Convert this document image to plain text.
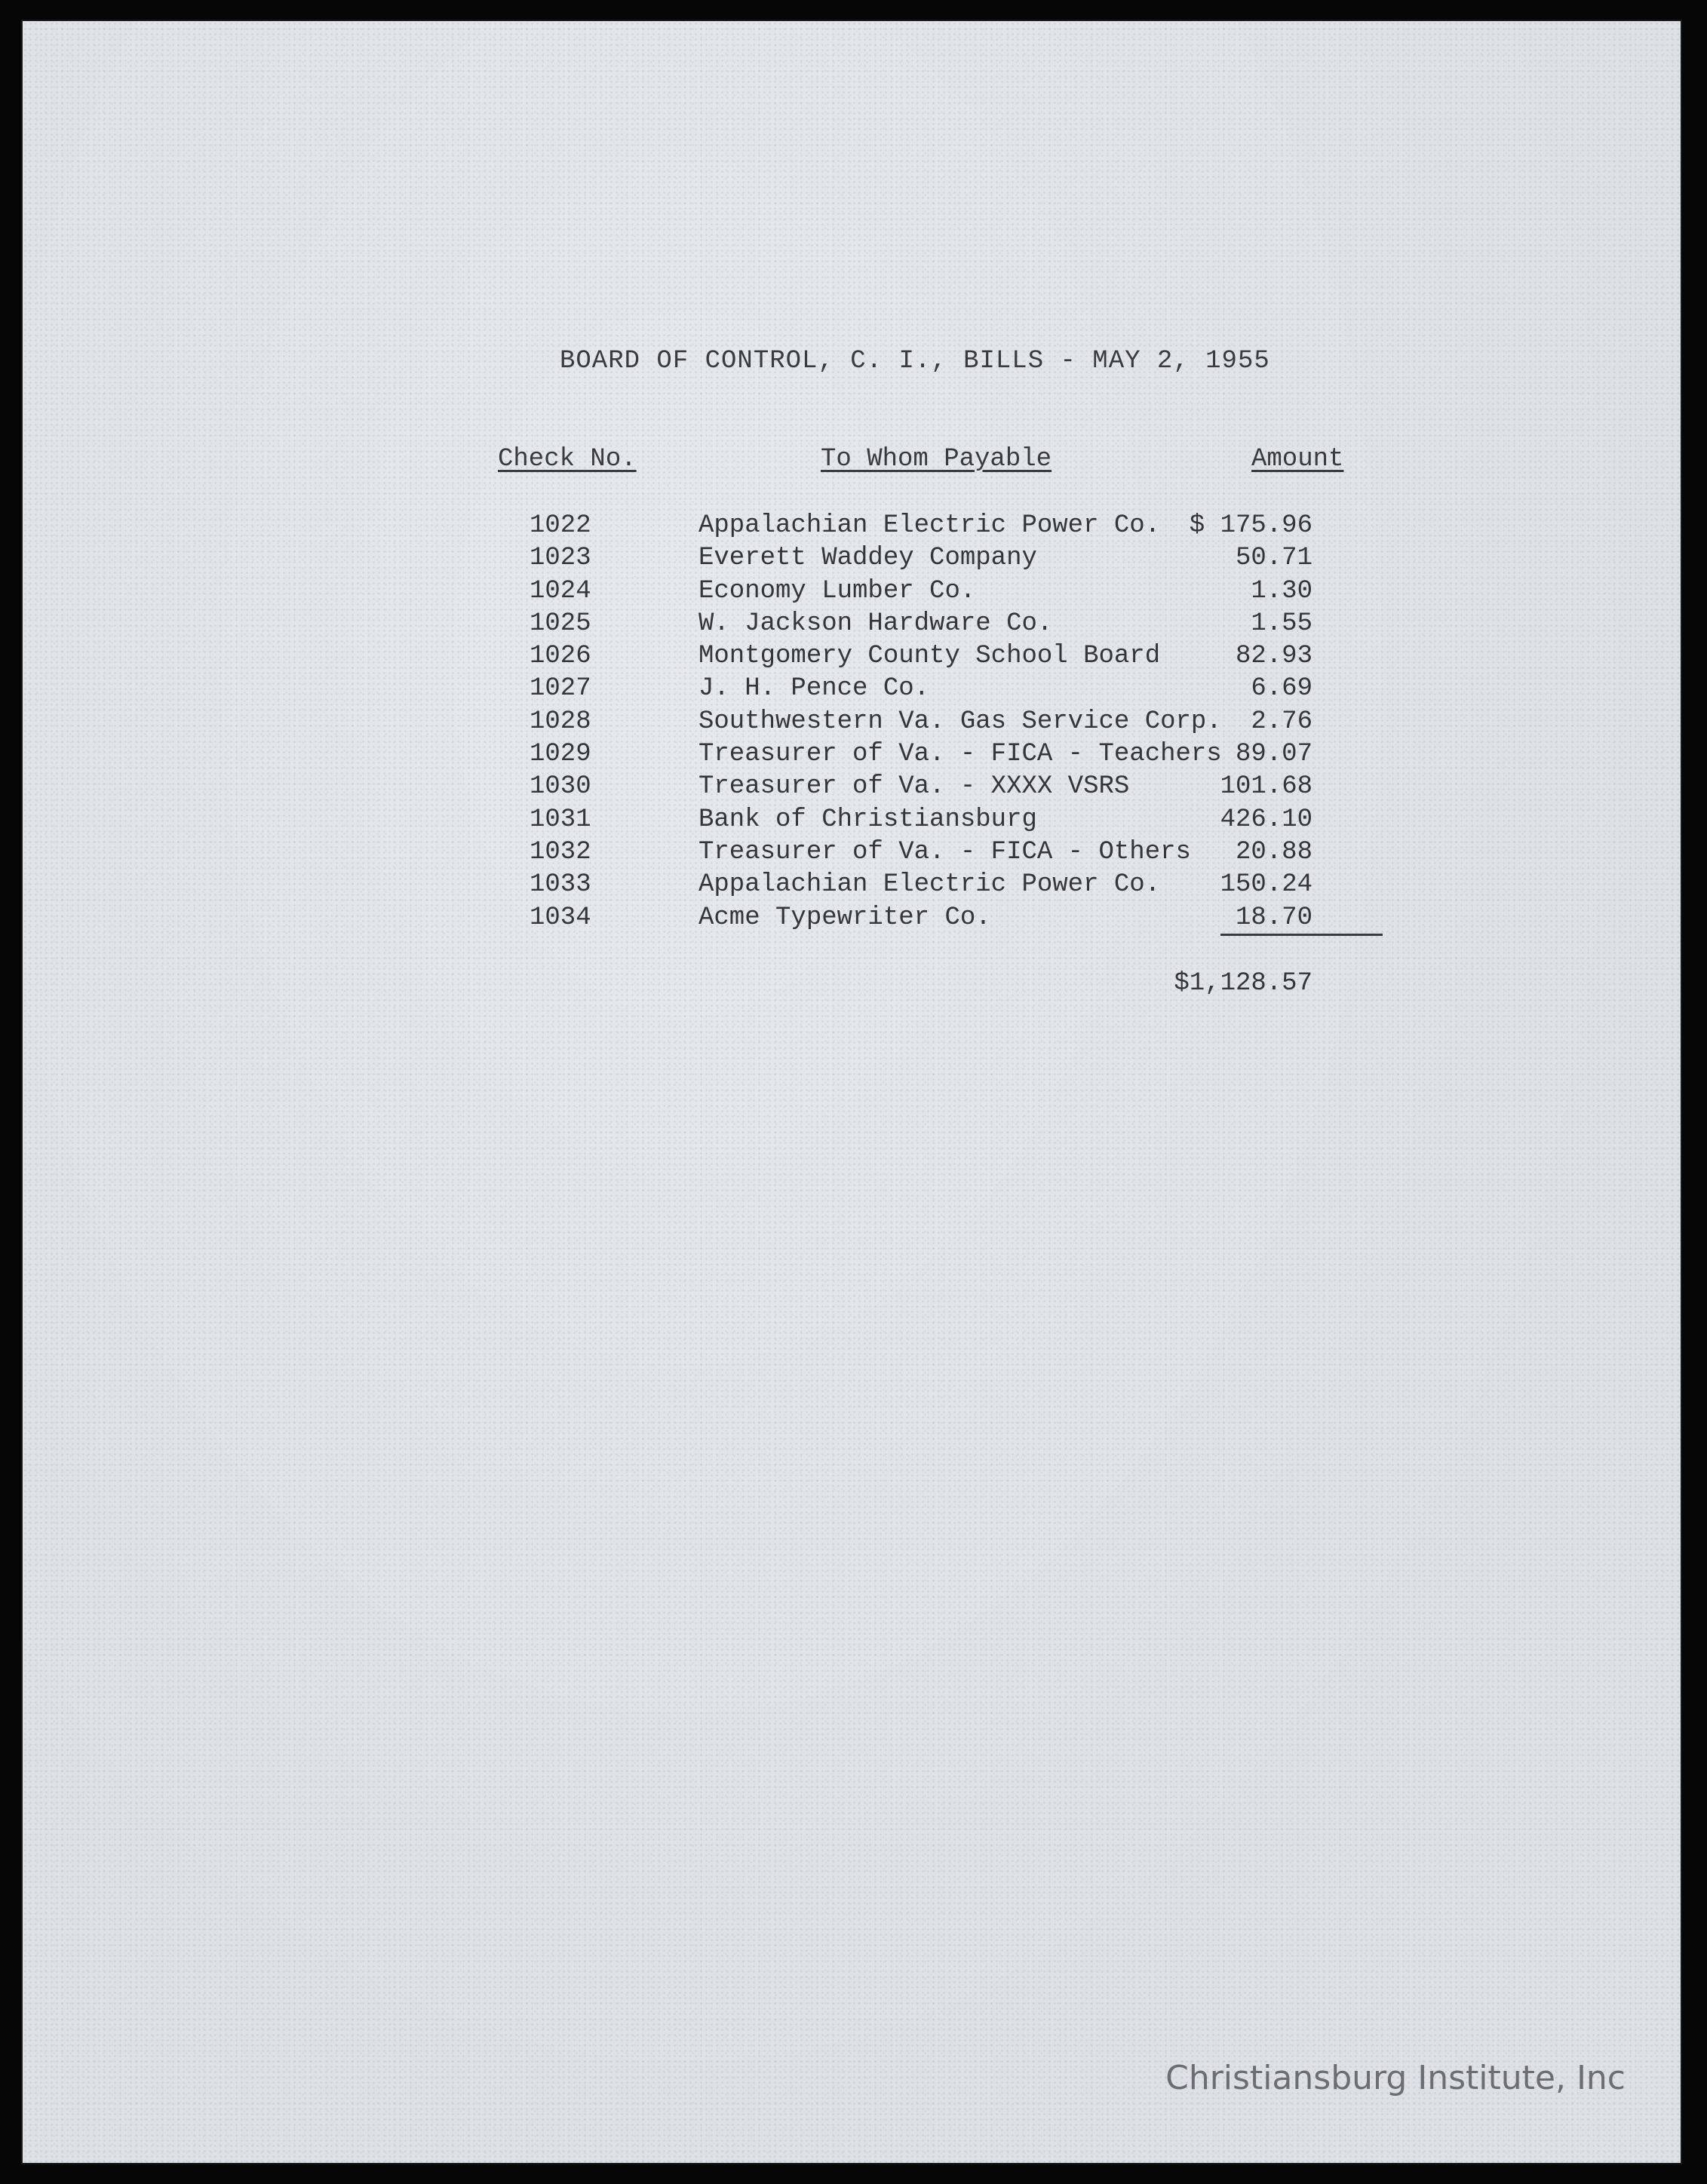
BOARD OF CONTROL, C. I., BILLS - MAY 2, 1955
Check No.	To Whom Payable	Amount
1022	Appalachian Electric Power Co. $ 175.96
1023	Everett Waddey Company	50.71
1024	Economy Lumber Co.	1.30
1025	W. Jackson Hardware Co.	1.55
1026	Montgomery County School Board	82.93
1027	J. H. Pence Co.	6.69
1028	Southwestern Va. Gas Service Corp. 2.76
1029	Treasurer of Va. - FICA - Teachers 89.07
1030	Treasurer of Va. - XXXX VSRS	101.68
1031	Bank of Christiansburg	426.10
1032	Treasurer of Va. - FICA - Others 20.88
1033	Appalachian Electric Power Co. 150.24
1034	Acme Typewriter Co.	18.70
$1,128.57
Christiansburg Institute, Inc
